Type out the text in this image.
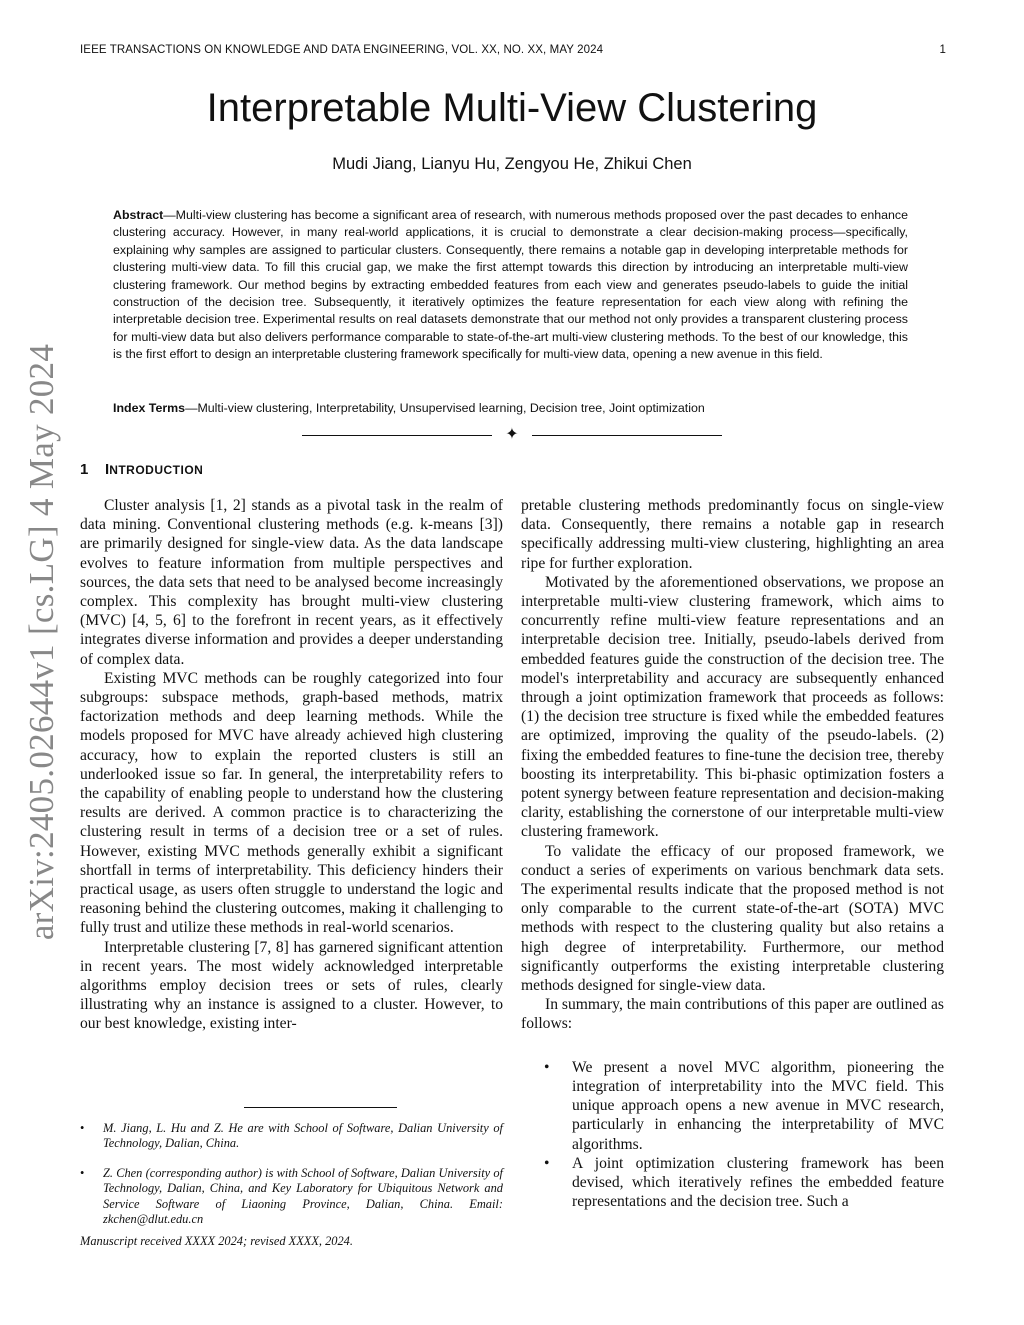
IEEE TRANSACTIONS ON KNOWLEDGE AND DATA ENGINEERING, VOL. XX, NO. XX, MAY 2024	1
Interpretable Multi-View Clustering
Mudi Jiang, Lianyu Hu, Zengyou He, Zhikui Chen
Abstract—Multi-view clustering has become a significant area of research, with numerous methods proposed over the past decades to enhance clustering accuracy. However, in many real-world applications, it is crucial to demonstrate a clear decision-making process—specifically, explaining why samples are assigned to particular clusters. Consequently, there remains a notable gap in developing interpretable methods for clustering multi-view data. To fill this crucial gap, we make the first attempt towards this direction by introducing an interpretable multi-view clustering framework. Our method begins by extracting embedded features from each view and generates pseudo-labels to guide the initial construction of the decision tree. Subsequently, it iteratively optimizes the feature representation for each view along with refining the interpretable decision tree. Experimental results on real datasets demonstrate that our method not only provides a transparent clustering process for multi-view data but also delivers performance comparable to state-of-the-art multi-view clustering methods. To the best of our knowledge, this is the first effort to design an interpretable clustering framework specifically for multi-view data, opening a new avenue in this field.
Index Terms—Multi-view clustering, Interpretability, Unsupervised learning, Decision tree, Joint optimization
✦
1 INTRODUCTION

Cluster analysis [1, 2] stands as a pivotal task in the realm of data mining. Conventional clustering methods (e.g. k-means [3]) are primarily designed for single-view data. As the data landscape evolves to feature information from multiple perspectives and sources, the data sets that need to be analysed become increasingly complex. This complexity has brought multi-view clustering (MVC) [4, 5, 6] to the forefront in recent years, as it effectively integrates diverse information and provides a deeper understanding of complex data.

Existing MVC methods can be roughly categorized into four subgroups: subspace methods, graph-based methods, matrix factorization methods and deep learning methods. While the models proposed for MVC have already achieved high clustering accuracy, how to explain the reported clusters is still an underlooked issue so far. In general, the interpretability refers to the capability of enabling people to understand how the clustering results are derived. A common practice is to characterizing the clustering result in terms of a decision tree or a set of rules. However, existing MVC methods generally exhibit a significant shortfall in terms of interpretability. This deficiency hinders their practical usage, as users often struggle to understand the logic and reasoning behind the clustering outcomes, making it challenging to fully trust and utilize these methods in real-world scenarios.

Interpretable clustering [7, 8] has garnered significant attention in recent years. The most widely acknowledged interpretable algorithms employ decision trees or sets of rules, clearly illustrating why an instance is assigned to a cluster. However, to our best knowledge, existing inter-

pretable clustering methods predominantly focus on single-view data. Consequently, there remains a notable gap in research specifically addressing multi-view clustering, highlighting an area ripe for further exploration.

Motivated by the aforementioned observations, we propose an interpretable multi-view clustering framework, which aims to concurrently refine multi-view feature representations and an interpretable decision tree. Initially, pseudo-labels derived from embedded features guide the construction of the decision tree. The model's interpretability and accuracy are subsequently enhanced through a joint optimization framework that proceeds as follows: (1) the decision tree structure is fixed while the embedded features are optimized, improving the quality of the pseudo-labels. (2) fixing the embedded features to fine-tune the decision tree, thereby boosting its interpretability. This bi-phasic optimization fosters a potent synergy between feature representation and decision-making clarity, establishing the cornerstone of our interpretable multi-view clustering framework.

To validate the efficacy of our proposed framework, we conduct a series of experiments on various benchmark data sets. The experimental results indicate that the proposed method is not only comparable to the current state-of-the-art (SOTA) MVC methods with respect to the clustering quality but also retains a high degree of interpretability. Furthermore, our method significantly outperforms the existing interpretable clustering methods designed for single-view data.

In summary, the main contributions of this paper are outlined as follows:

• We present a novel MVC algorithm, pioneering the integration of interpretability into the MVC field. This unique approach opens a new avenue in MVC research, particularly in enhancing the interpretability of MVC algorithms.
• A joint optimization clustering framework has been devised, which iteratively refines the embedded feature representations and the decision tree. Such a
• M. Jiang, L. Hu and Z. He are with School of Software, Dalian University of Technology, Dalian, China.
• Z. Chen (corresponding author) is with School of Software, Dalian University of Technology, Dalian, China, and Key Laboratory for Ubiquitous Network and Service Software of Liaoning Province, Dalian, China. Email: zkchen@dlut.edu.cn
Manuscript received XXXX 2024; revised XXXX, 2024.
arXiv:2405.02644v1 [cs.LG] 4 May 2024
